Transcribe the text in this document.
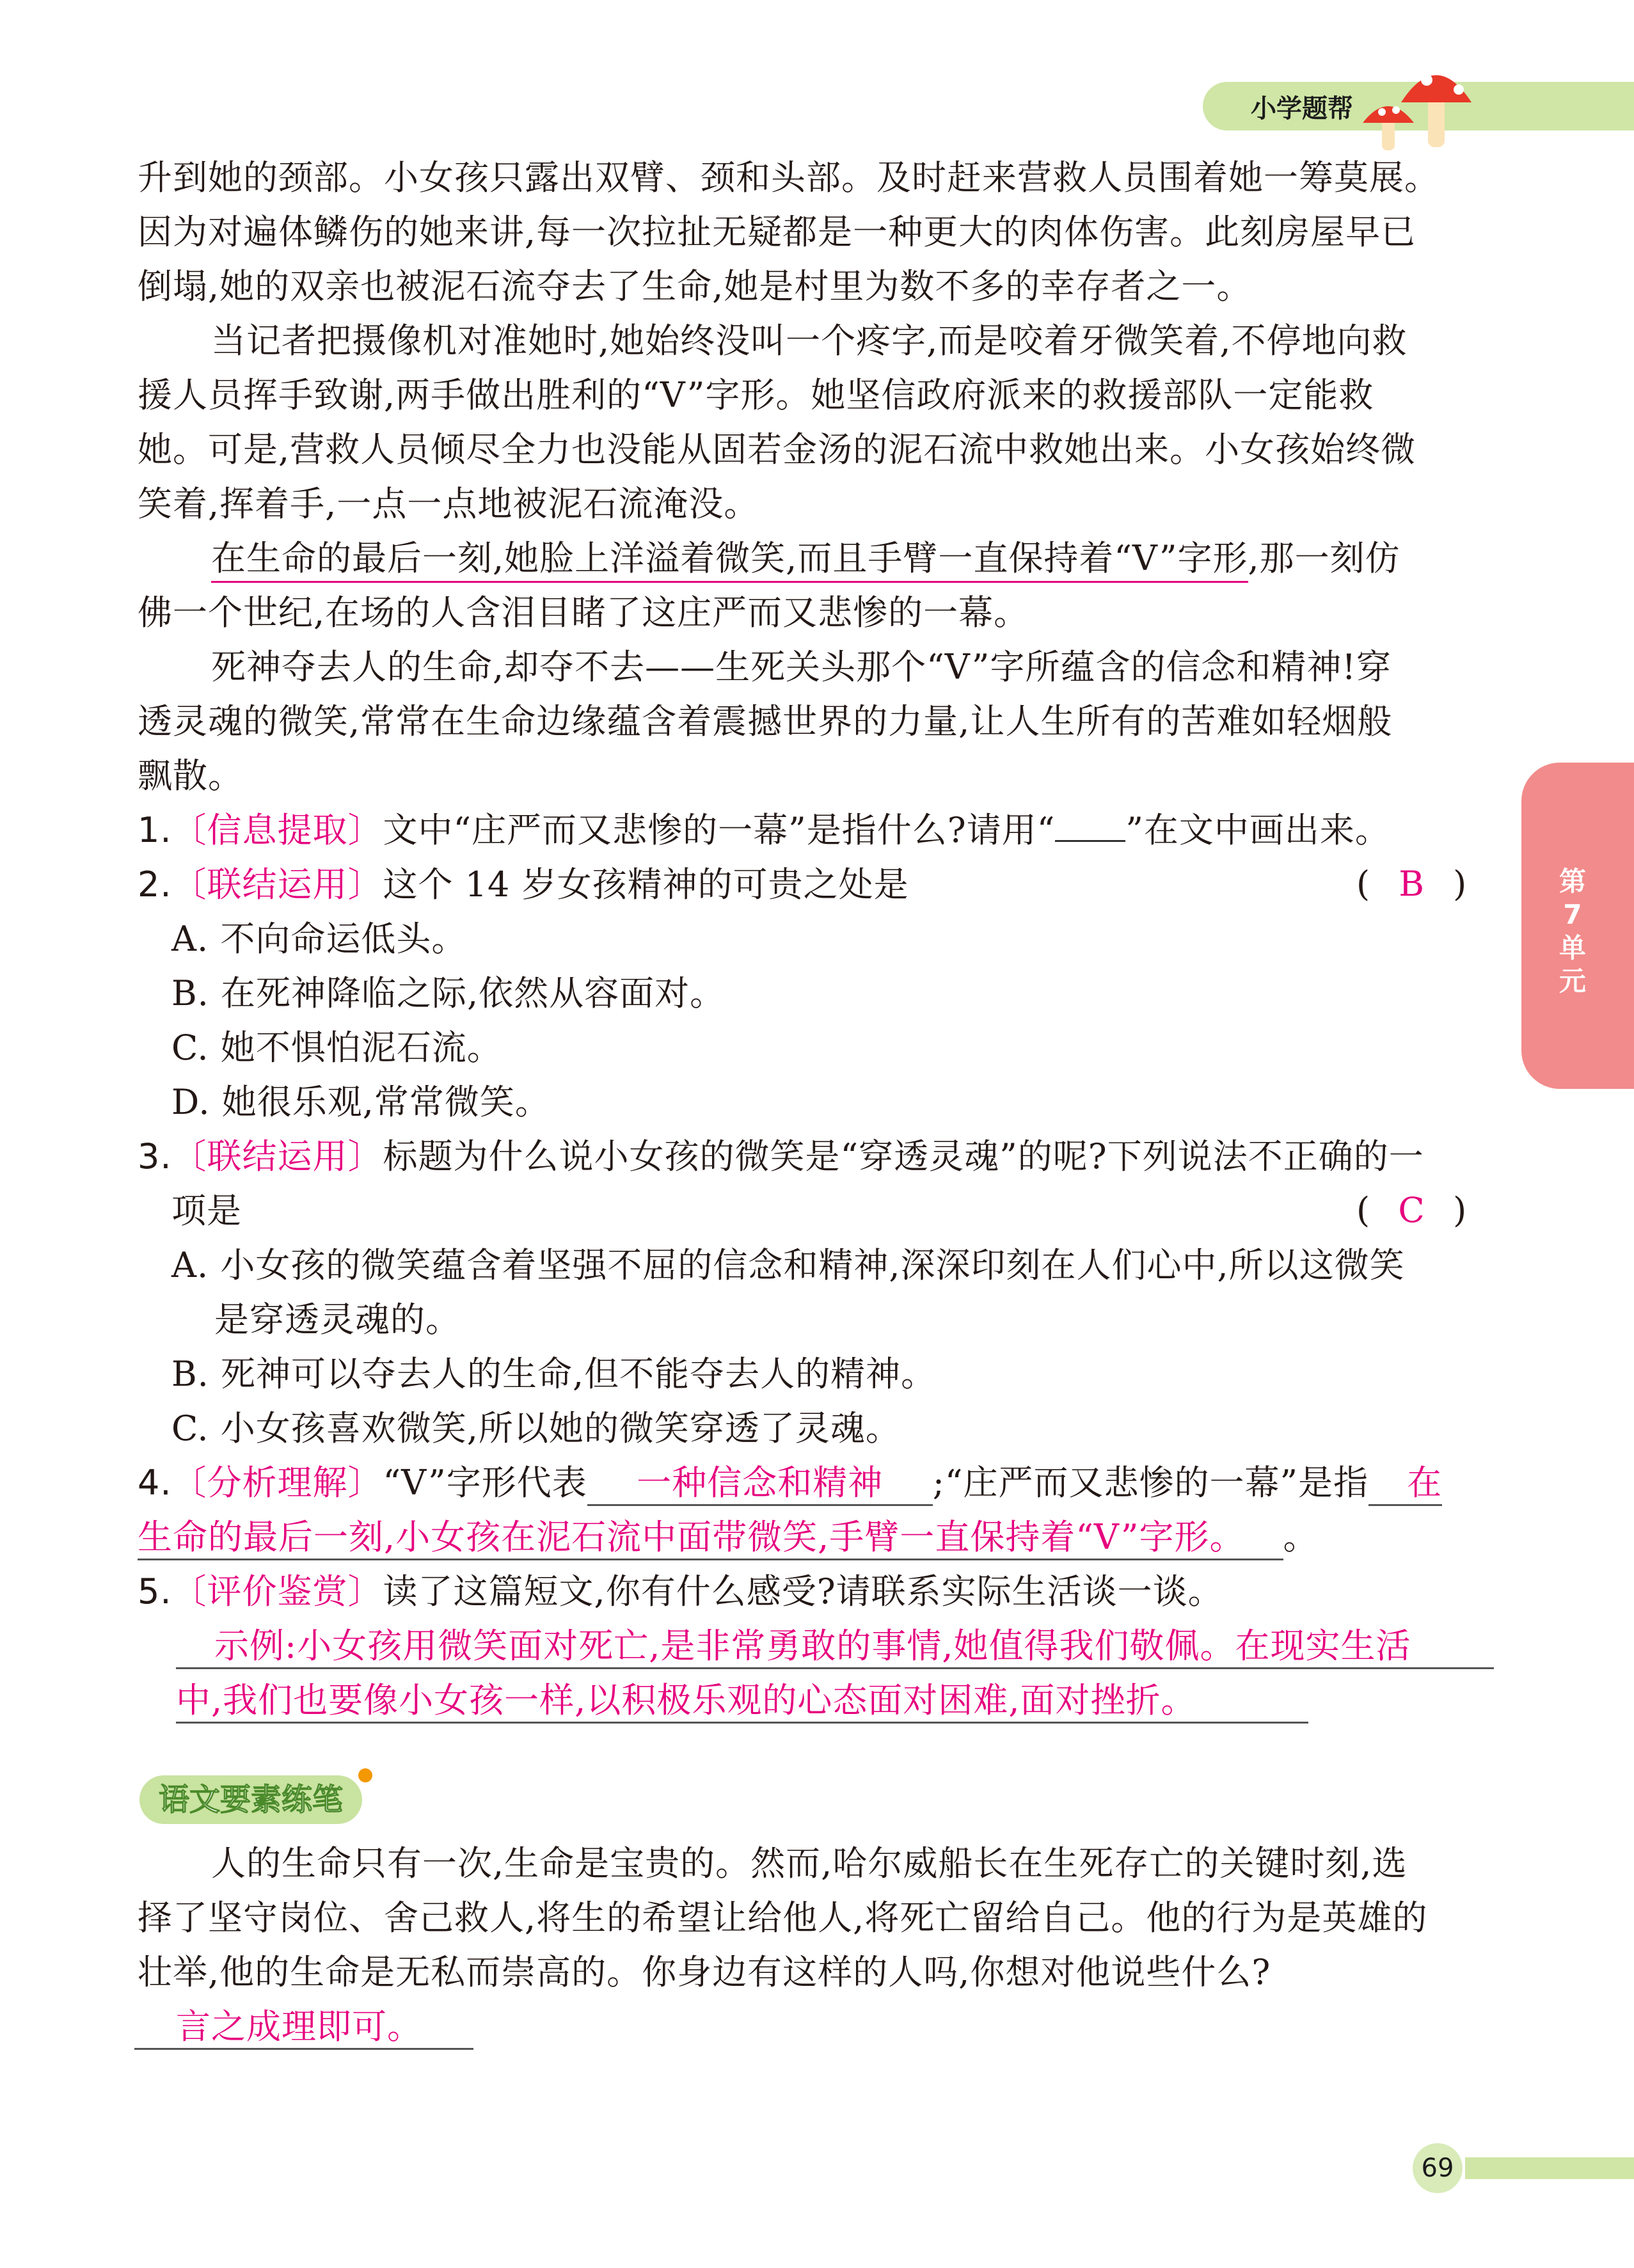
小学题帮
第7单元
升到她的颈部。小女孩只露出双臂、颈和头部。及时赶来营救人员围着她一筹莫展。
因为对遍体鳞伤的她来讲,每一次拉扯无疑都是一种更大的肉体伤害。此刻房屋早已
倒塌,她的双亲也被泥石流夺去了生命,她是村里为数不多的幸存者之一。
当记者把摄像机对准她时,她始终没叫一个疼字,而是咬着牙微笑着,不停地向救
援人员挥手致谢,两手做出胜利的“V”字形。她坚信政府派来的救援部队一定能救
她。可是,营救人员倾尽全力也没能从固若金汤的泥石流中救她出来。小女孩始终微
笑着,挥着手,一点一点地被泥石流淹没。
在生命的最后一刻,她脸上洋溢着微笑,而且手臂一直保持着“V”字形,那一刻仿
佛一个世纪,在场的人含泪目睹了这庄严而又悲惨的一幕。
死神夺去人的生命,却夺不去——生死关头那个“V”字所蕴含的信念和精神!穿
透灵魂的微笑,常常在生命边缘蕴含着震撼世界的力量,让人生所有的苦难如轻烟般
飘散。
1.〔信息提取〕文中“庄严而又悲惨的一幕”是指什么?请用“ ”在文中画出来。
2.〔联结运用〕这个 14 岁女孩精神的可贵之处是	( B )
A. 不向命运低头。
B. 在死神降临之际,依然从容面对。
C. 她不惧怕泥石流。
D. 她很乐观,常常微笑。
3.〔联结运用〕标题为什么说小女孩的微笑是“穿透灵魂”的呢?下列说法不正确的一
项是	( C )
A. 小女孩的微笑蕴含着坚强不屈的信念和精神,深深印刻在人们心中,所以这微笑
是穿透灵魂的。
B. 死神可以夺去人的生命,但不能夺去人的精神。
C. 小女孩喜欢微笑,所以她的微笑穿透了灵魂。
4.〔分析理解〕“V”字形代表 一种信念和精神 ;“庄严而又悲惨的一幕”是指 在
生命的最后一刻,小女孩在泥石流中面带微笑,手臂一直保持着“V”字形。 。
5.〔评价鉴赏〕读了这篇短文,你有什么感受?请联系实际生活谈一谈。
示例:小女孩用微笑面对死亡,是非常勇敢的事情,她值得我们敬佩。在现实生活
中,我们也要像小女孩一样,以积极乐观的心态面对困难,面对挫折。
语文要素练笔
人的生命只有一次,生命是宝贵的。然而,哈尔威船长在生死存亡的关键时刻,选
择了坚守岗位、舍己救人,将生的希望让给他人,将死亡留给自己。他的行为是英雄的
壮举,他的生命是无私而崇高的。你身边有这样的人吗,你想对他说些什么?
言之成理即可。
69
